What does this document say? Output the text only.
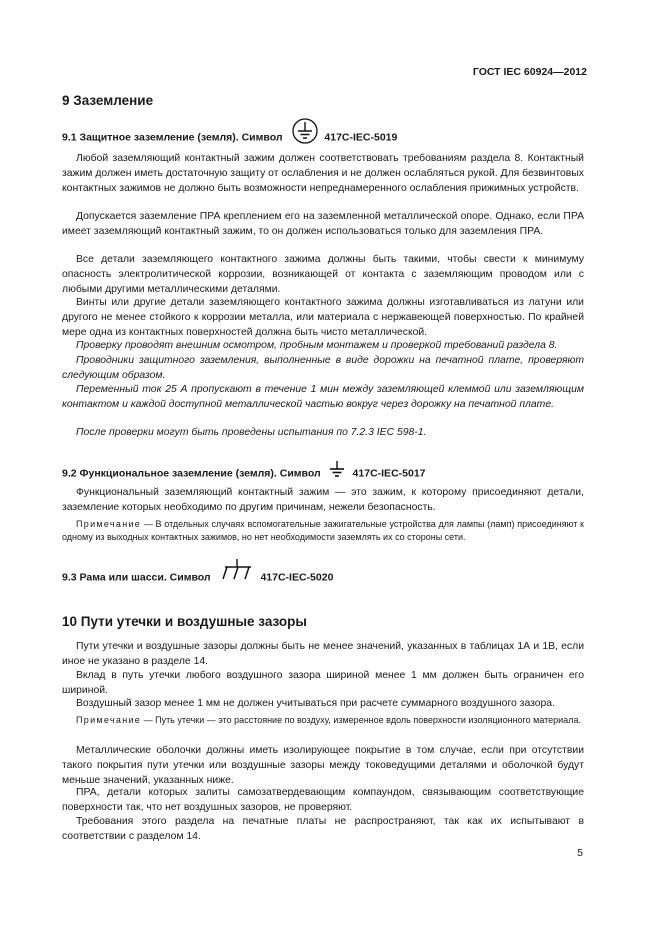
ГОСТ IEC 60924—2012
9 Заземление
9.1 Защитное заземление (земля). Символ	417С-IEC-5019

Любой заземляющий контактный зажим должен соответствовать требованиям раздела 8. Контактный зажим должен иметь достаточную защиту от ослабления и не должен ослабляться рукой. Для безвинтовых контактных зажимов не должно быть возможности непреднамеренного ослабления прижимных устройств.

Допускается заземление ПРА креплением его на заземленной металлической опоре. Однако, если ПРА имеет заземляющий контактный зажим, то он должен использоваться только для заземления ПРА.

Все детали заземляющего контактного зажима должны быть такими, чтобы свести к минимуму опасность электролитической коррозии, возникающей от контакта с заземляющим проводом или с любыми другими металлическими деталями.

Винты или другие детали заземляющего контактного зажима должны изготавливаться из латуни или другого не менее стойкого к коррозии металла, или материала с нержавеющей поверхностью. По крайней мере одна из контактных поверхностей должна быть чисто металлической.

Проверку проводят внешним осмотром, пробным монтажем и проверкой требований раздела 8.

Проводники защитного заземления, выполненные в виде дорожки на печатной плате, проверяют следующим образом.

Переменный ток 25 А пропускают в течение 1 мин между заземляющей клеммой или заземляющим контактом и каждой доступной металлической частью вокруг через дорожку на печатной плате.

После проверки могут быть проведены испытания по 7.2.3 IEC 598-1.

9.2 Функциональное заземление (земля). Символ	417С-IEC-5017

Функциональный заземляющий контактный зажим — это зажим, к которому присоединяют детали, заземление которых необходимо по другим причинам, нежели безопасность.

Примечание — В отдельных случаях вспомогательные зажигательные устройства для лампы (ламп) присоединяют к одному из выходных контактных зажимов, но нет необходимости заземлять их со стороны сети.

9.3 Рама или шасси. Символ	417С-IEC-5020
10 Пути утечки и воздушные зазоры

Пути утечки и воздушные зазоры должны быть не менее значений, указанных в таблицах 1А и 1В, если иное не указано в разделе 14.

Вклад в путь утечки любого воздушного зазора шириной менее 1 мм должен быть ограничен его шириной.

Воздушный зазор менее 1 мм не должен учитываться при расчете суммарного воздушного зазора.

Примечание — Путь утечки — это расстояние по воздуху, измеренное вдоль поверхности изоляционного материала.

Металлические оболочки должны иметь изолирующее покрытие в том случае, если при отсутствии такого покрытия пути утечки или воздушные зазоры между токоведущими деталями и оболочкой будут меньше значений, указанных ниже.

ПРА, детали которых залиты самозатвердевающим компаундом, связывающим соответствующие поверхности так, что нет воздушных зазоров, не проверяют.

Требования этого раздела на печатные платы не распространяют, так как их испытывают в соответствии с разделом 14.

5
